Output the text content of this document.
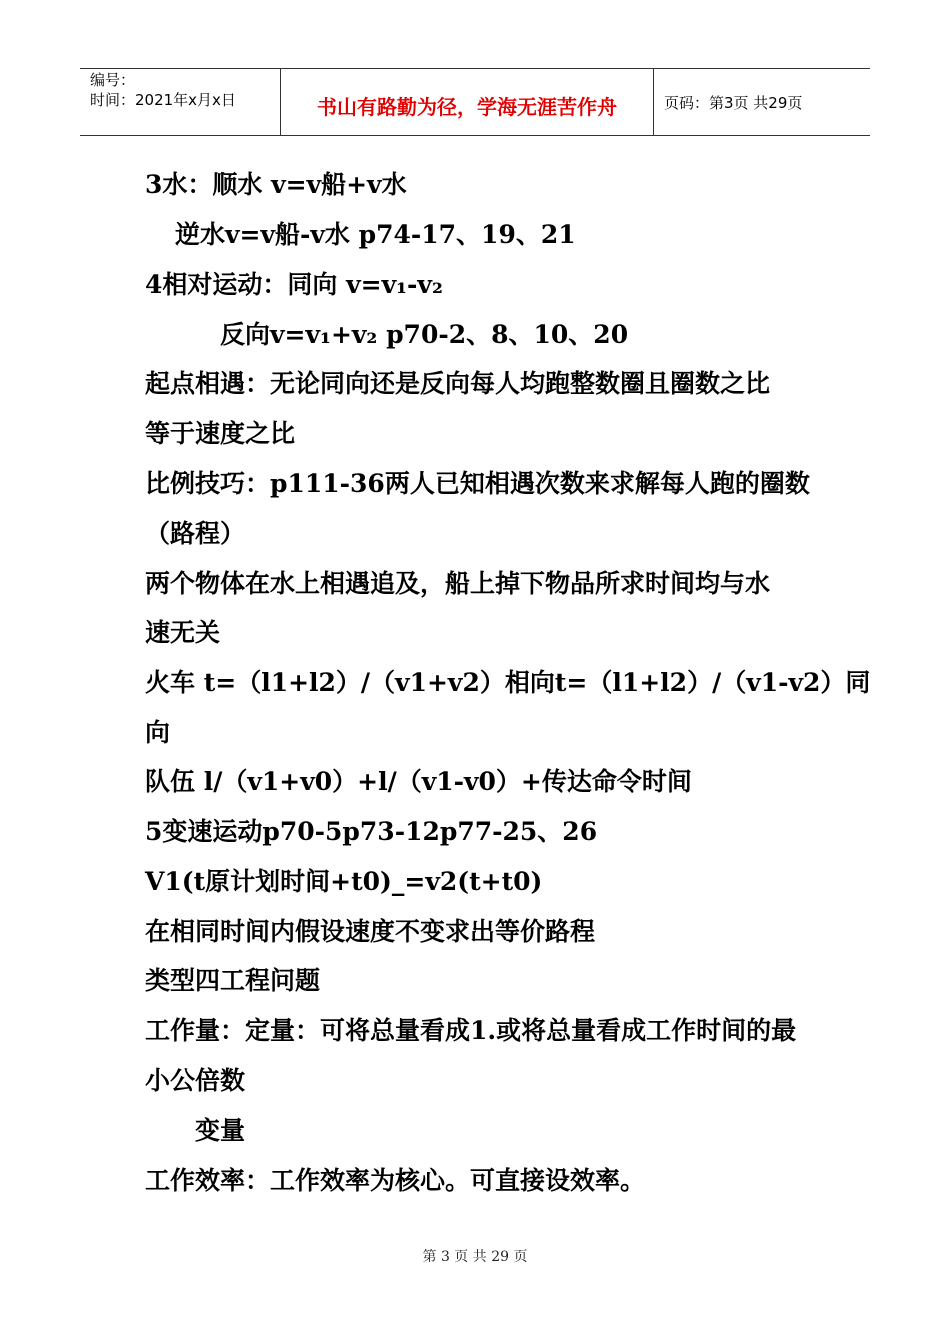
编号：
时间：2021年x月x日	书山有路勤为径，学海无涯苦作舟	页码：第3页 共29页
3水：顺水 v=v船+v水
逆水v=v船-v水 p74-17、19、21
4相对运动：同向 v=v₁-v₂
反向v=v₁+v₂ p70-2、8、10、20
起点相遇：无论同向还是反向每人均跑整数圈且圈数之比
等于速度之比
比例技巧：p111-36两人已知相遇次数来求解每人跑的圈数
（路程）
两个物体在水上相遇追及，船上掉下物品所求时间均与水
速无关
火车 t=（l1+l2）/（v1+v2）相向t=（l1+l2）/（v1-v2）同
向
队伍 l/（v1+v0）+l/（v1-v0）+传达命令时间
5变速运动p70-5p73-12p77-25、26
V1(t原计划时间+t0)_=v2(t+t0)
在相同时间内假设速度不变求出等价路程
类型四工程问题
工作量：定量：可将总量看成1.或将总量看成工作时间的最
小公倍数
变量
工作效率：工作效率为核心。可直接设效率。
第 3 页 共 29 页
